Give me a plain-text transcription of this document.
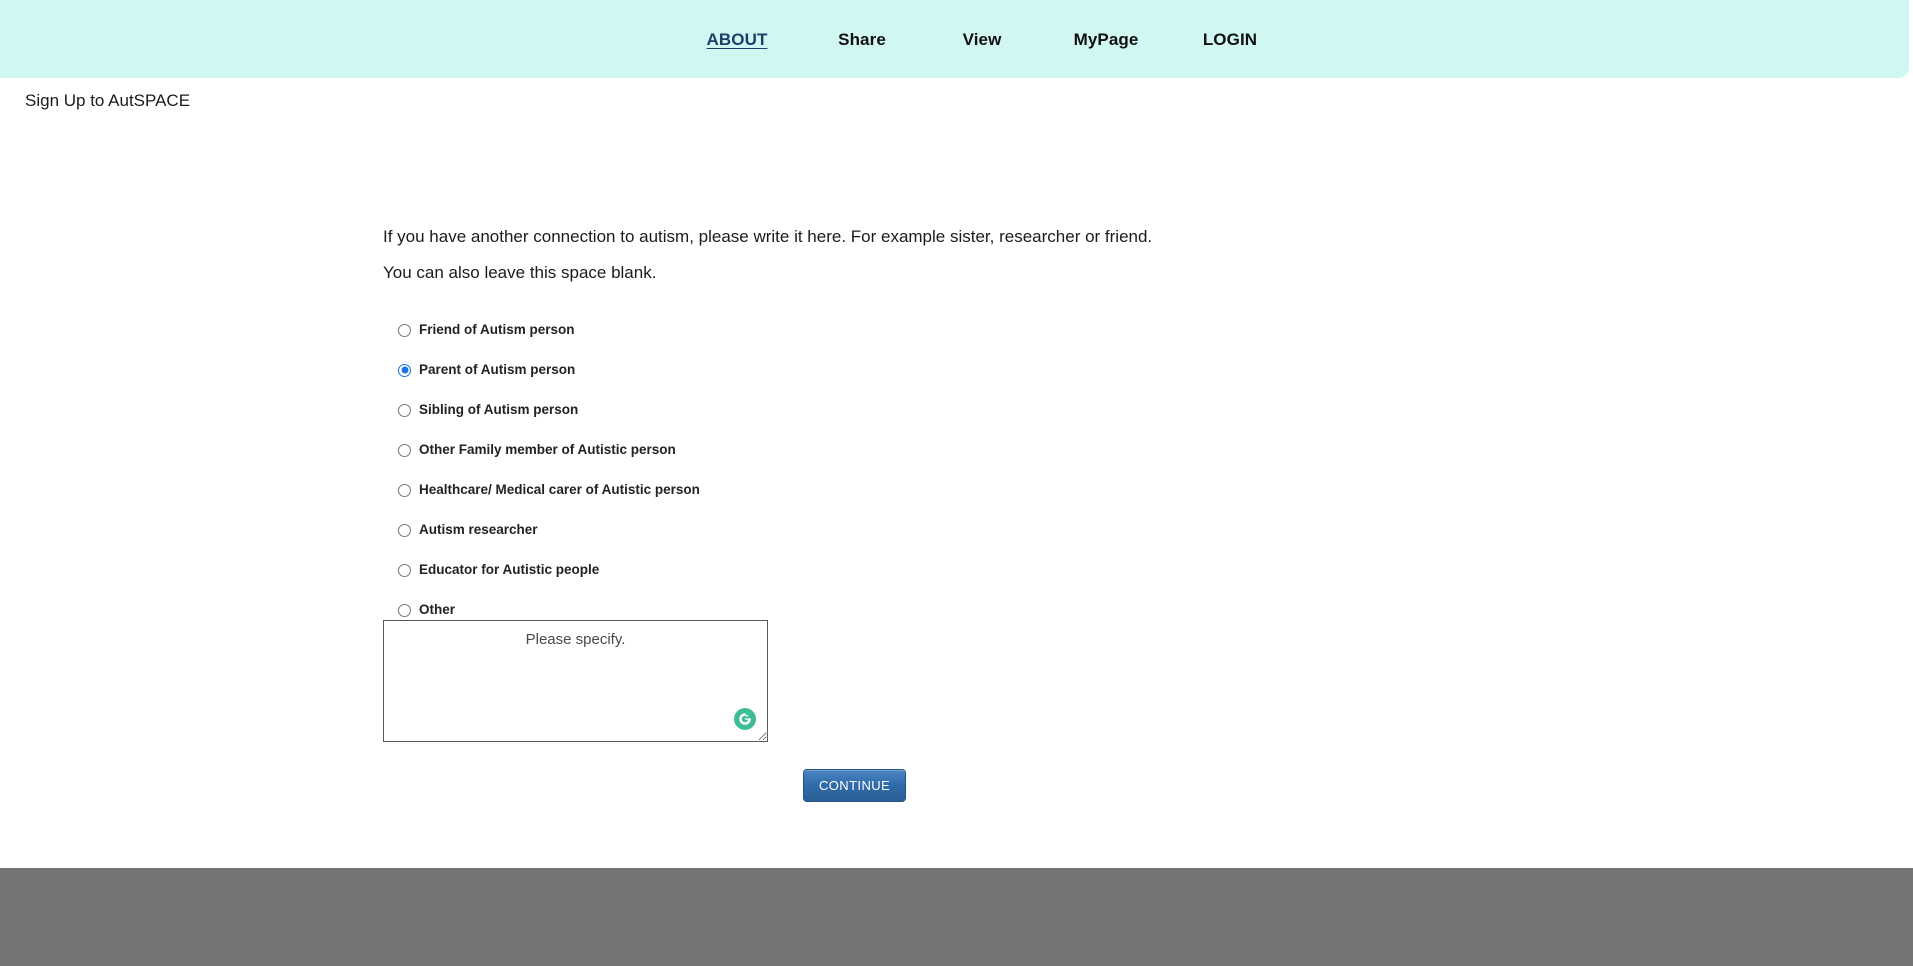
ABOUT	Share	View	MyPage	LOGIN
Sign Up to AutSPACE

If you have another connection to autism, please write it here. For example sister, researcher or friend.

You can also leave this space blank.

Friend of Autism person
Parent of Autism person
Sibling of Autism person
Other Family member of Autistic person
Healthcare/ Medical carer of Autistic person
Autism researcher
Educator for Autistic people
Other
Please specify.
CONTINUE
